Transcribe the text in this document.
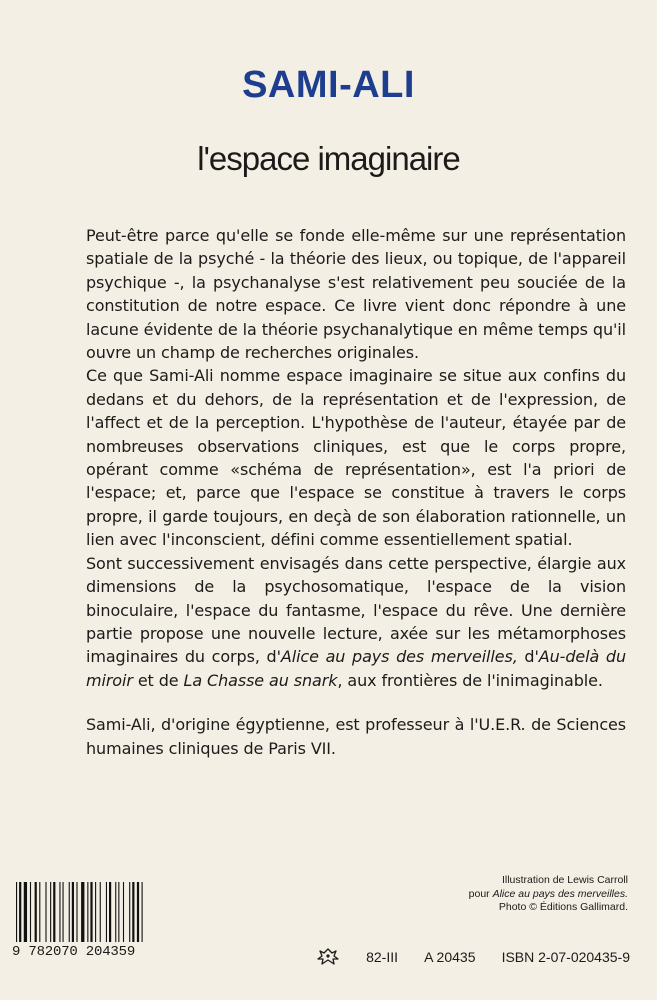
SAMI-ALI
l'espace imaginaire

Peut-être parce qu'elle se fonde elle-même sur une représentation spatiale de la psyché - la théorie des lieux, ou topique, de l'appareil psychique -, la psychanalyse s'est relativement peu souciée de la constitution de notre espace. Ce livre vient donc répondre à une lacune évidente de la théorie psychanalytique en même temps qu'il ouvre un champ de recherches originales.

Ce que Sami-Ali nomme espace imaginaire se situe aux confins du dedans et du dehors, de la représentation et de l'expression, de l'affect et de la perception. L'hypothèse de l'auteur, étayée par de nombreuses observations cliniques, est que le corps propre, opérant comme «schéma de représentation», est l'a priori de l'espace; et, parce que l'espace se constitue à travers le corps propre, il garde toujours, en deçà de son élaboration rationnelle, un lien avec l'inconscient, défini comme essentiellement spatial.

Sont successivement envisagés dans cette perspective, élargie aux dimensions de la psychosomatique, l'espace de la vision binoculaire, l'espace du fantasme, l'espace du rêve. Une dernière partie propose une nouvelle lecture, axée sur les métamorphoses imaginaires du corps, d'Alice au pays des merveilles, d'Au-delà du miroir et de La Chasse au snark, aux frontières de l'inimaginable.

Sami-Ali, d'origine égyptienne, est professeur à l'U.E.R. de Sciences humaines cliniques de Paris VII.

Illustration de Lewis Carroll

pour Alice au pays des merveilles.

Photo © Éditions Gallimard.

9 782070 204359	82-III A 20435 ISBN 2-07-020435-9
